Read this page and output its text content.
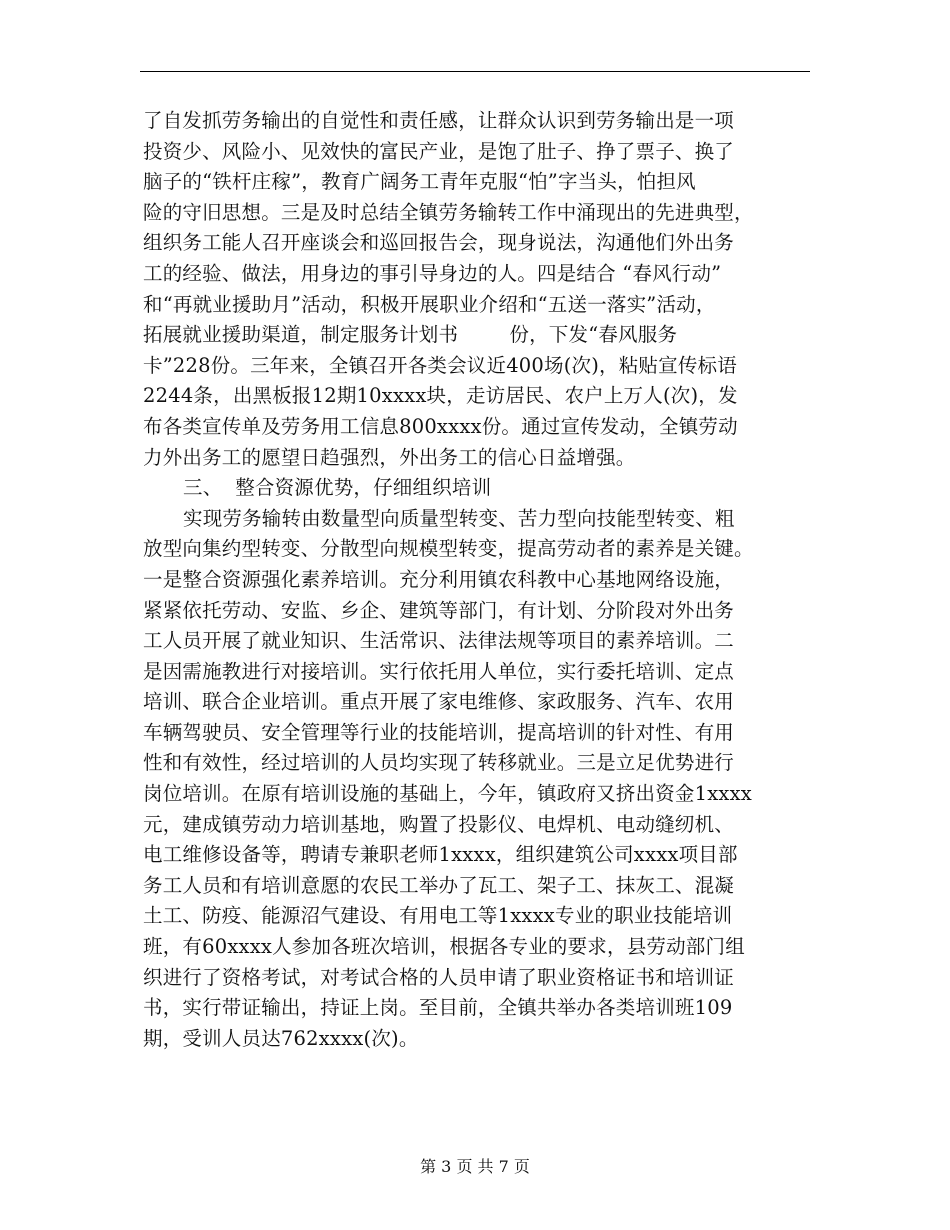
了自发抓劳务输出的自觉性和责任感，让群众认识到劳务输出是一项
投资少、风险小、见效快的富民产业，是饱了肚子、挣了票子、换了
脑子的“铁杆庄稼”，教育广阔务工青年克服“怕”字当头，怕担风
险的守旧思想。三是及时总结全镇劳务输转工作中涌现出的先进典型，
组织务工能人召开座谈会和巡回报告会，现身说法，沟通他们外出务
工的经验、做法，用身边的事引导身边的人。四是结合 “春风行动”
和“再就业援助月”活动，积极开展职业介绍和“五送一落实”活动，
拓展就业援助渠道，制定服务计划书        份，下发“春风服务
卡”228份。三年来，全镇召开各类会议近400场(次)，粘贴宣传标语
2244条，出黑板报12期10xxxx块，走访居民、农户上万人(次)，发
布各类宣传单及劳务用工信息800xxxx份。通过宣传发动，全镇劳动
力外出务工的愿望日趋强烈，外出务工的信心日益增强。
三、  整合资源优势，仔细组织培训
实现劳务输转由数量型向质量型转变、苦力型向技能型转变、粗
放型向集约型转变、分散型向规模型转变，提高劳动者的素养是关键。
一是整合资源强化素养培训。充分利用镇农科教中心基地网络设施，
紧紧依托劳动、安监、乡企、建筑等部门，有计划、分阶段对外出务
工人员开展了就业知识、生活常识、法律法规等项目的素养培训。二
是因需施教进行对接培训。实行依托用人单位，实行委托培训、定点
培训、联合企业培训。重点开展了家电维修、家政服务、汽车、农用
车辆驾驶员、安全管理等行业的技能培训，提高培训的针对性、有用
性和有效性，经过培训的人员均实现了转移就业。三是立足优势进行
岗位培训。在原有培训设施的基础上，今年，镇政府又挤出资金1xxxx
元，建成镇劳动力培训基地，购置了投影仪、电焊机、电动缝纫机、
电工维修设备等，聘请专兼职老师1xxxx，组织建筑公司xxxx项目部
务工人员和有培训意愿的农民工举办了瓦工、架子工、抹灰工、混凝
土工、防疫、能源沼气建设、有用电工等1xxxx专业的职业技能培训
班，有60xxxx人参加各班次培训，根据各专业的要求，县劳动部门组
织进行了资格考试，对考试合格的人员申请了职业资格证书和培训证
书，实行带证输出，持证上岗。至目前，全镇共举办各类培训班109
期，受训人员达762xxxx(次)。
第 3 页 共 7 页
